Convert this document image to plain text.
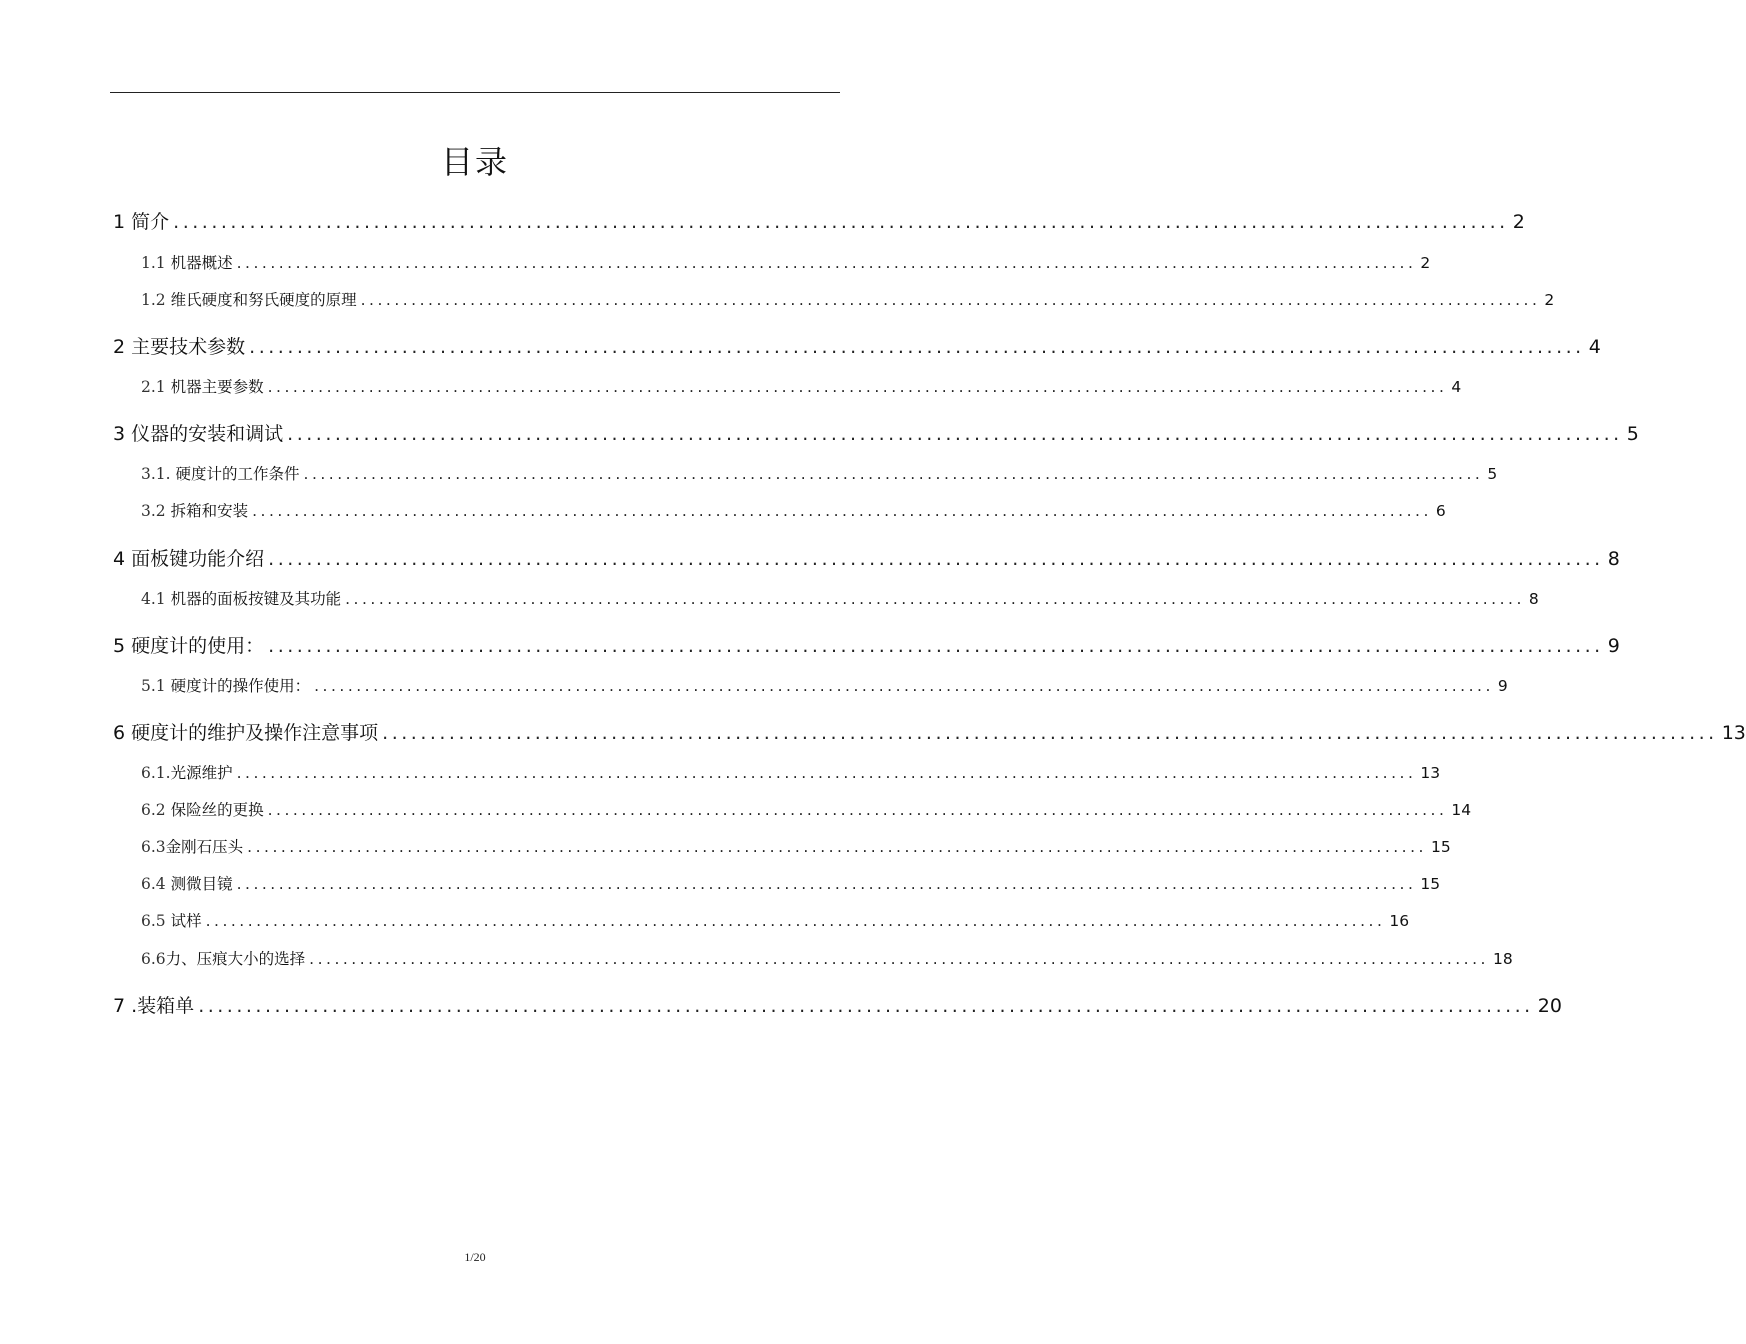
目录
1 简介 ............................................................................................................................................ 2
1.1 机器概述 ............................................................................................................................................ 2
1.2 维氏硬度和努氏硬度的原理 ............................................................................................................................................ 2
2 主要技术参数 ............................................................................................................................................ 4
2.1 机器主要参数 ............................................................................................................................................ 4
3 仪器的安装和调试 ............................................................................................................................................ 5
3.1. 硬度计的工作条件 ............................................................................................................................................ 5
3.2 拆箱和安装 ............................................................................................................................................ 6
4 面板键功能介绍 ............................................................................................................................................ 8
4.1 机器的面板按键及其功能 ............................................................................................................................................ 8
5 硬度计的使用： ............................................................................................................................................ 9
5.1 硬度计的操作使用： ............................................................................................................................................ 9
6 硬度计的维护及操作注意事项 ............................................................................................................................................ 13
6.1.光源维护 ............................................................................................................................................ 13
6.2 保险丝的更换 ............................................................................................................................................ 14
6.3金刚石压头 ............................................................................................................................................ 15
6.4 测微目镜 ............................................................................................................................................ 15
6.5 试样 ............................................................................................................................................ 16
6.6力、压痕大小的选择 ............................................................................................................................................ 18
7 .装箱单 ............................................................................................................................................ 20
1/20
